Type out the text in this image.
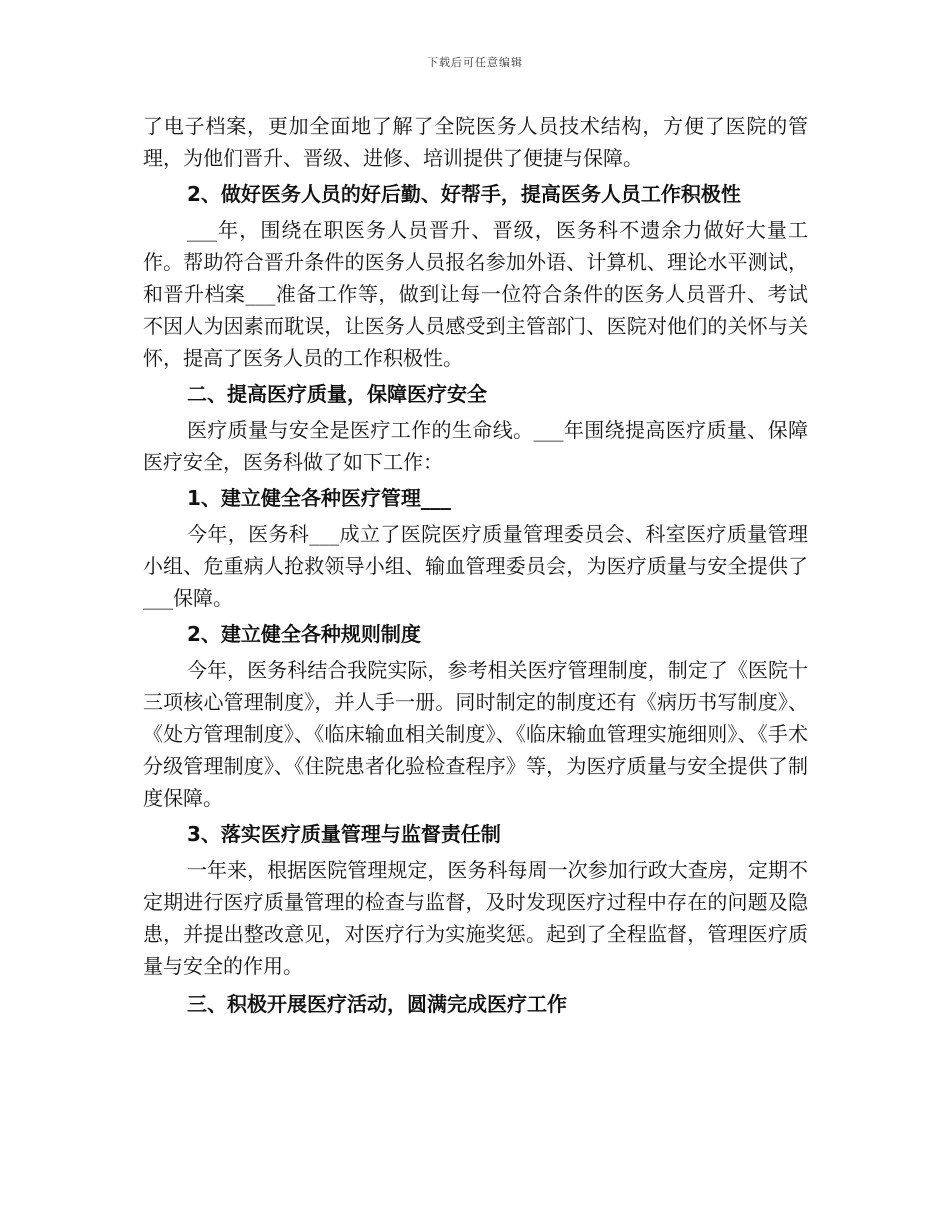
下载后可任意编辑

了电子档案，更加全面地了解了全院医务人员技术结构，方便了医院的管理，为他们晋升、晋级、进修、培训提供了便捷与保障。

2、做好医务人员的好后勤、好帮手，提高医务人员工作积极性

___年，围绕在职医务人员晋升、晋级，医务科不遗余力做好大量工作。帮助符合晋升条件的医务人员报名参加外语、计算机、理论水平测试，和晋升档案___准备工作等，做到让每一位符合条件的医务人员晋升、考试不因人为因素而耽误，让医务人员感受到主管部门、医院对他们的关怀与关怀，提高了医务人员的工作积极性。

二、提高医疗质量，保障医疗安全

医疗质量与安全是医疗工作的生命线。___年围绕提高医疗质量、保障医疗安全，医务科做了如下工作：

1、建立健全各种医疗管理___

今年，医务科___成立了医院医疗质量管理委员会、科室医疗质量管理小组、危重病人抢救领导小组、输血管理委员会，为医疗质量与安全提供了___保障。

2、建立健全各种规则制度

今年，医务科结合我院实际，参考相关医疗管理制度，制定了《医院十三项核心管理制度》，并人手一册。同时制定的制度还有《病历书写制度》、《处方管理制度》、《临床输血相关制度》、《临床输血管理实施细则》、《手术分级管理制度》、《住院患者化验检查程序》等，为医疗质量与安全提供了制度保障。

3、落实医疗质量管理与监督责任制

一年来，根据医院管理规定，医务科每周一次参加行政大查房，定期不定期进行医疗质量管理的检查与监督，及时发现医疗过程中存在的问题及隐患，并提出整改意见，对医疗行为实施奖惩。起到了全程监督，管理医疗质量与安全的作用。

三、积极开展医疗活动，圆满完成医疗工作
